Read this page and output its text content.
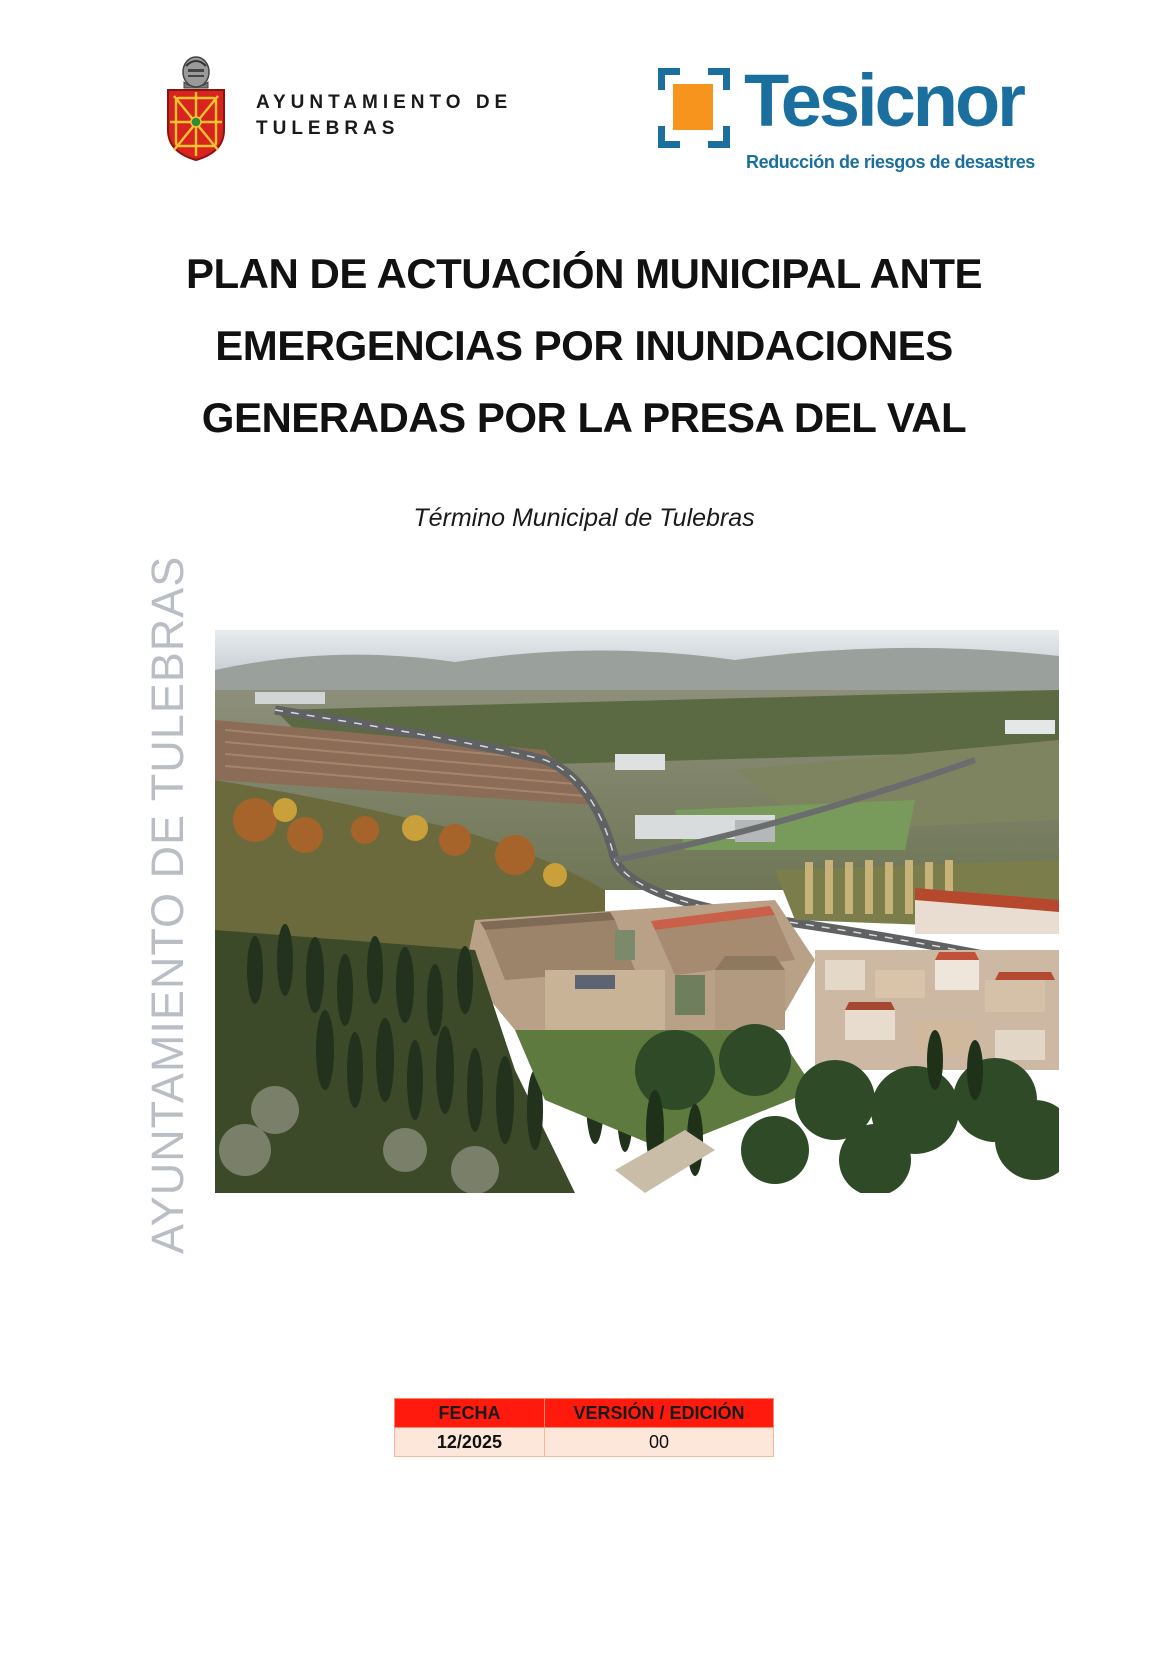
AYUNTAMIENTO DE
TULEBRAS	Tesicnor
Reducción de riesgos de desastres
PLAN DE ACTUACIÓN MUNICIPAL ANTE
EMERGENCIAS POR INUNDACIONES
GENERADAS POR LA PRESA DEL VAL
Término Municipal de Tulebras
AYUNTAMIENTO DE TULEBRAS
FECHA	VERSIÓN / EDICIÓN
12/2025	00
